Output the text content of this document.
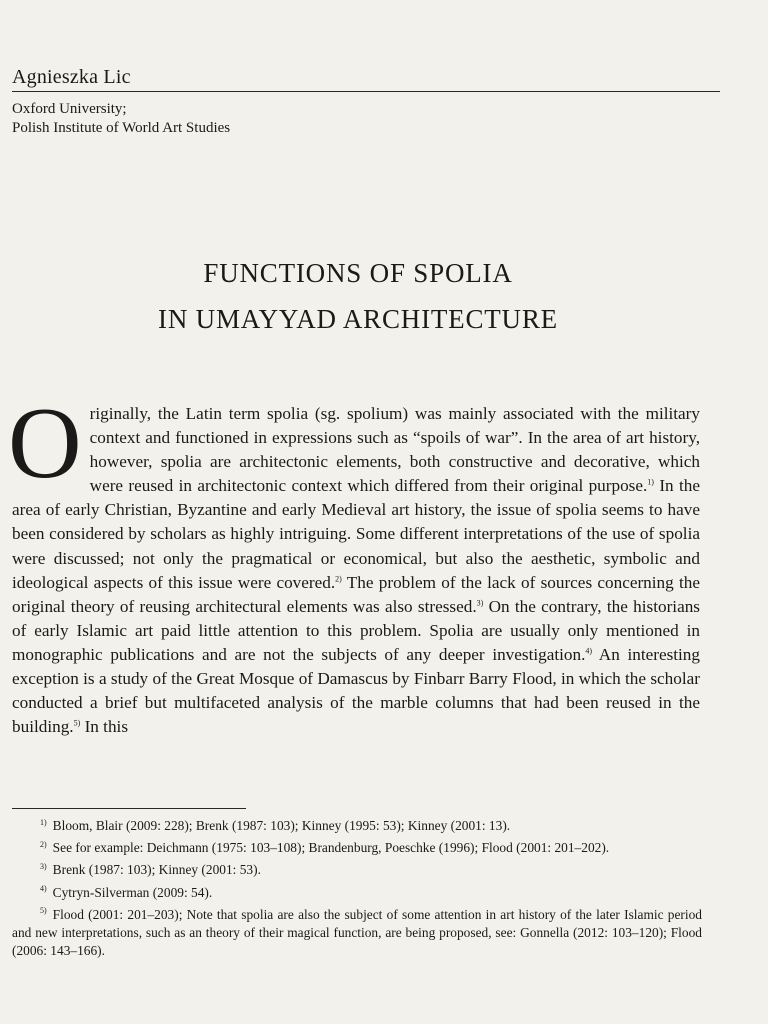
Agnieszka Lic
Oxford University;
Polish Institute of World Art Studies
FUNCTIONS OF SPOLIA
IN UMAYYAD ARCHITECTURE
Originally, the Latin term spolia (sg. spolium) was mainly associated with the military context and functioned in expressions such as “spoils of war”. In the area of art history, however, spolia are architectonic elements, both constructive and decorative, which were reused in architectonic context which differed from their original purpose.$^{1)}$ In the area of early Christian, Byzantine and early Medieval art history, the issue of spolia seems to have been considered by scholars as highly intriguing. Some different interpretations of the use of spolia were discussed; not only the pragmatical or economical, but also the aesthetic, symbolic and ideological aspects of this issue were covered.$^{2)}$ The problem of the lack of sources concerning the original theory of reusing architectural elements was also stressed.$^{3)}$ On the contrary, the historians of early Islamic art paid little attention to this problem. Spolia are usually only mentioned in monographic publications and are not the subjects of any deeper investigation.$^{4)}$ An interesting exception is a study of the Great Mosque of Damascus by Finbarr Barry Flood, in which the scholar conducted a brief but multifaceted analysis of the marble columns that had been reused in the building.$^{5)}$ In this

$^{1)}$ Bloom, Blair (2009: 228); Brenk (1987: 103); Kinney (1995: 53); Kinney (2001: 13).

$^{2)}$ See for example: Deichmann (1975: 103–108); Brandenburg, Poeschke (1996); Flood (2001: 201–202).

$^{3)}$ Brenk (1987: 103); Kinney (2001: 53).

$^{4)}$ Cytryn-Silverman (2009: 54).

$^{5)}$ Flood (2001: 201–203); Note that spolia are also the subject of some attention in art history of the later Islamic period and new interpretations, such as an theory of their magical function, are being proposed, see: Gonnella (2012: 103–120); Flood (2006: 143–166).
